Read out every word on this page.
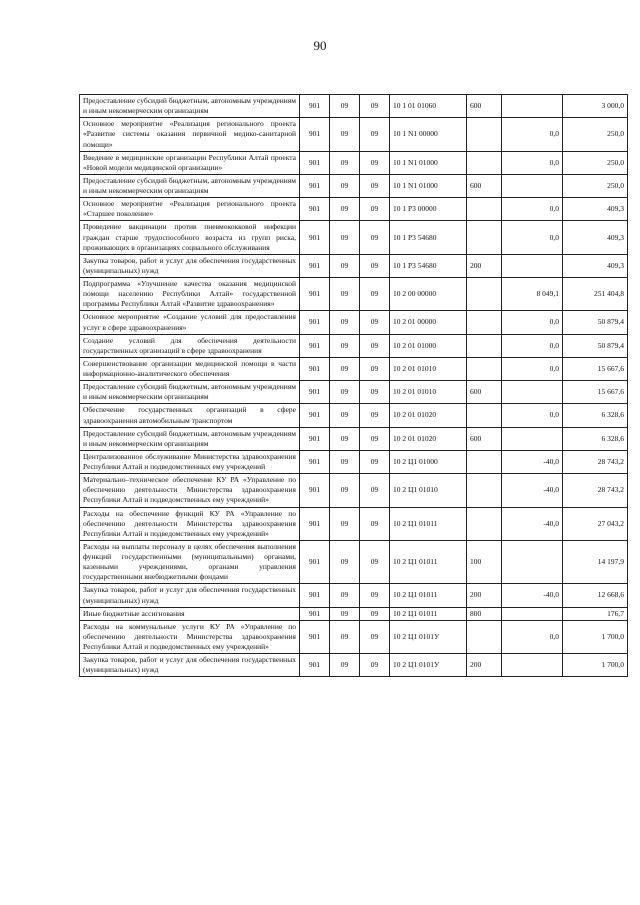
90
Предоставление субсидий бюджетным, автономным учреждениям и иным некоммерческим организациям	901	09	09	10 1 01 01060	600		3 000,0
Основное мероприятие «Реализация регионального проекта «Развитие системы оказания первичной медико-санитарной помощи»	901	09	09	10 1 N1 00000		0,0	250,0
Введение в медицинские организации Республики Алтай проекта «Новой модели медицинской организации»	901	09	09	10 1 N1 01000		0,0	250,0
Предоставление субсидий бюджетным, автономным учреждениям и иным некоммерческим организациям	901	09	09	10 1 N1 01000	600		250,0
Основное мероприятие «Реализация регионального проекта «Старшее поколение»	901	09	09	10 1 P3 00000		0,0	409,3
Проведение вакцинации против пневмококковой инфекции граждан старше трудоспособного возраста из групп риска, проживающих в организациях социального обслуживания	901	09	09	10 1 P3 54680		0,0	409,3
Закупка товаров, работ и услуг для обеспечения государственных (муниципальных) нужд	901	09	09	10 1 P3 54680	200		409,3
Подпрограмма «Улучшение качества оказания медицинской помощи населению Республики Алтай» государственной программы Республики Алтай «Развитие здравоохранения»	901	09	09	10 2 00 00000		8 049,1	251 404,8
Основное мероприятие «Создание условий для предоставления услуг в сфере здравоохранения»	901	09	09	10 2 01 00000		0,0	50 879,4
Создание условий для обеспечения деятельности государственных организаций в сфере здравоохранения	901	09	09	10 2 01 01000		0,0	50 879,4
Совершенствование организации медицинской помощи в части информационно-аналитического обеспечения	901	09	09	10 2 01 01010		0,0	15 667,6
Предоставление субсидий бюджетным, автономным учреждениям и иным некоммерческим организациям	901	09	09	10 2 01 01010	600		15 667,6
Обеспечение государственных организаций в сфере здравоохранения автомобильным транспортом	901	09	09	10 2 01 01020		0,0	6 328,6
Предоставление субсидий бюджетным, автономным учреждениям и иным некоммерческим организациям	901	09	09	10 2 01 01020	600		6 328,6
Централизованное обслуживание Министерства здравоохранения Республики Алтай и подведомственных ему учреждений	901	09	09	10 2 Ц1 01000		-40,0	28 743,2
Материально–техническое обеспечение КУ РА «Управление по обеспечению деятельности Министерства здравоохранения Республики Алтай и подведомственных ему учреждений»	901	09	09	10 2 Ц1 01010		-40,0	28 743,2
Расходы на обеспечение функций КУ РА «Управление по обеспечению деятельности Министерства здравоохранения Республики Алтай и подведомственных ему учреждений»	901	09	09	10 2 Ц1 01011		-40,0	27 043,2
Расходы на выплаты персоналу в целях обеспечения выполнения функций государственными (муниципальными) органами, казенными учреждениями, органами управления государственными внебюджетными фондами	901	09	09	10 2 Ц1 01011	100		14 197,9
Закупка товаров, работ и услуг для обеспечения государственных (муниципальных) нужд	901	09	09	10 2 Ц1 01011	200	-40,0	12 668,6
Иные бюджетные ассигнования	901	09	09	10 2 Ц1 01011	800		176,7
Расходы на коммунальные услуги КУ РА «Управление по обеспечению деятельности Министерства здравоохранения Республики Алтай и подведомственных ему учреждений»	901	09	09	10 2 Ц1 0101У		0,0	1 700,0
Закупка товаров, работ и услуг для обеспечения государственных (муниципальных) нужд	901	09	09	10 2 Ц1 0101У	200		1 700,0
